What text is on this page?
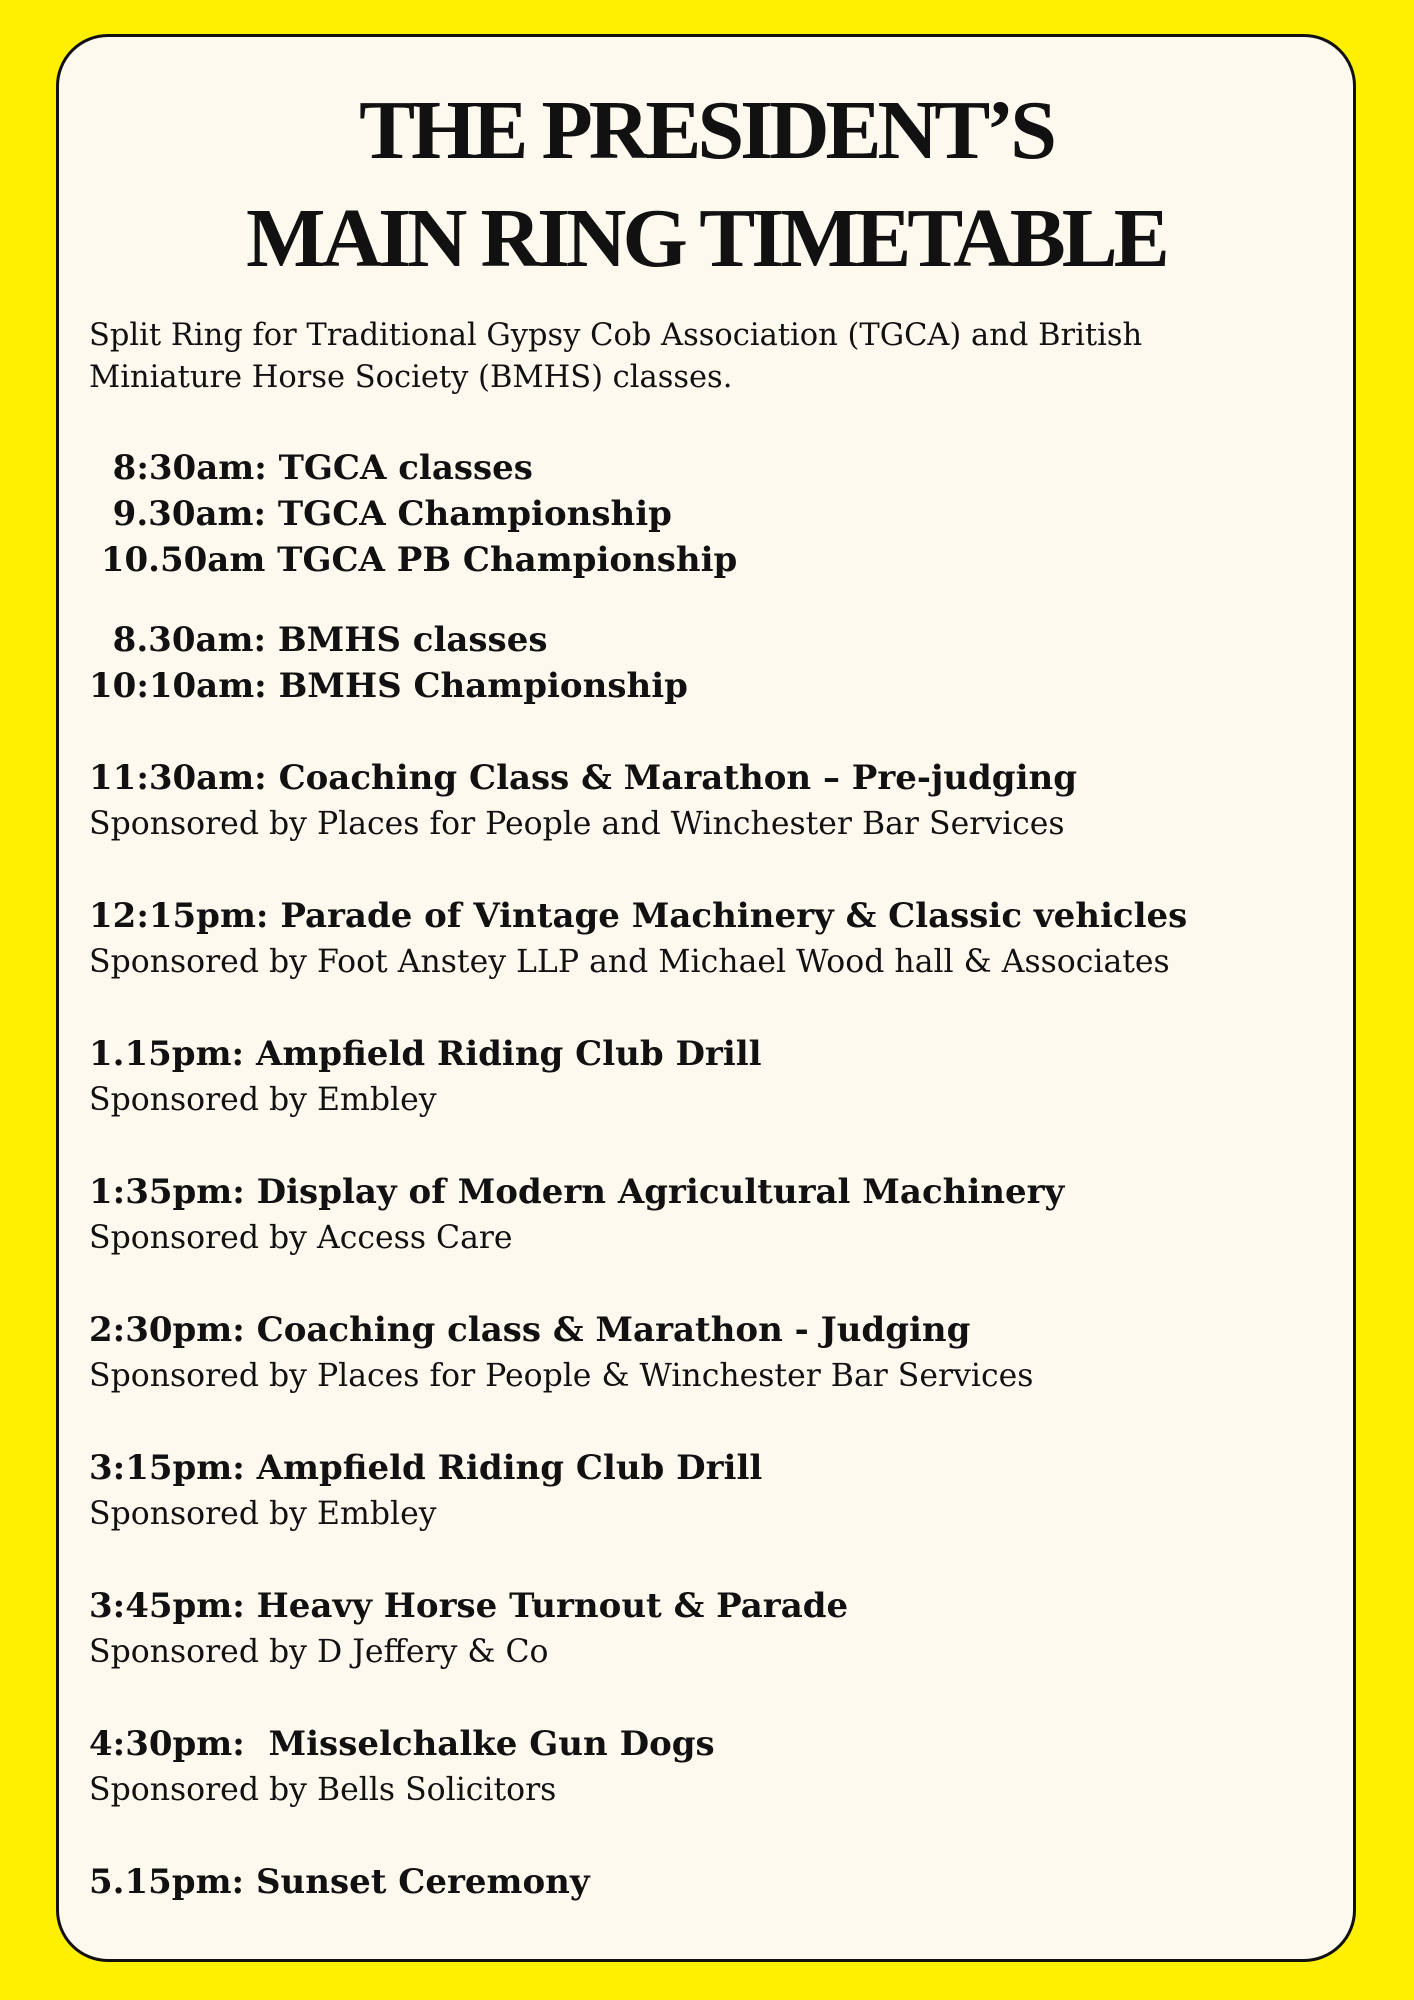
THE PRESIDENT’S
MAIN RING TIMETABLE

Split Ring for Traditional Gypsy Cob Association (TGCA) and British Miniature Horse Society (BMHS) classes.

8:30am: TGCA classes
9.30am: TGCA Championship
10.50am TGCA PB Championship
8.30am: BMHS classes
10:10am: BMHS Championship
11:30am: Coaching Class & Marathon – Pre-judging
Sponsored by Places for People and Winchester Bar Services
12:15pm: Parade of Vintage Machinery & Classic vehicles
Sponsored by Foot Anstey LLP and Michael Wood hall & Associates
1.15pm: Ampfield Riding Club Drill
Sponsored by Embley
1:35pm: Display of Modern Agricultural Machinery
Sponsored by Access Care
2:30pm: Coaching class & Marathon - Judging
Sponsored by Places for People & Winchester Bar Services
3:15pm: Ampfield Riding Club Drill
Sponsored by Embley
3:45pm: Heavy Horse Turnout & Parade
Sponsored by D Jeffery & Co
4:30pm:  Misselchalke Gun Dogs
Sponsored by Bells Solicitors
5.15pm: Sunset Ceremony
